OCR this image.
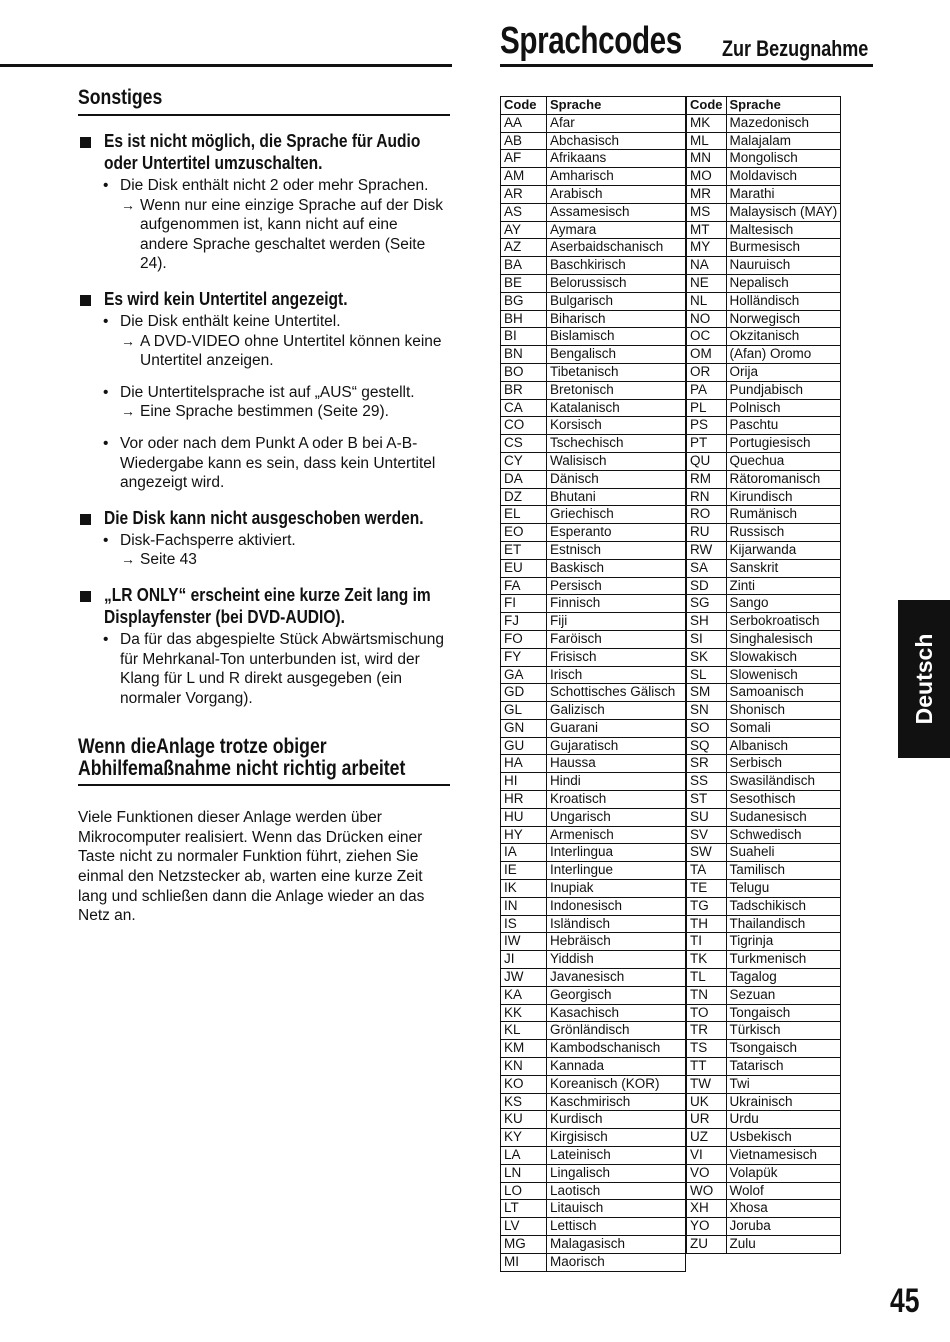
Sprachcodes Zur Bezugnahme
Sonstiges
Es ist nicht möglich, die Sprache für Audio oder Untertitel umzuschalten.
• Die Disk enthält nicht 2 oder mehr Sprachen.
→ Wenn nur eine einzige Sprache auf der Disk aufgenommen ist, kann nicht auf eine andere Sprache geschaltet werden (Seite 24).
Es wird kein Untertitel angezeigt.
• Die Disk enthält keine Untertitel.
→ A DVD-VIDEO ohne Untertitel können keine Untertitel anzeigen.
• Die Untertitelsprache ist auf „AUS“ gestellt.
→ Eine Sprache bestimmen (Seite 29).
• Vor oder nach dem Punkt A oder B bei A-B-Wiedergabe kann es sein, dass kein Untertitel angezeigt wird.
Die Disk kann nicht ausgeschoben werden.
• Disk-Fachsperre aktiviert.
→ Seite 43
„LR ONLY“ erscheint eine kurze Zeit lang im Displayfenster (bei DVD-AUDIO).
• Da für das abgespielte Stück Abwärtsmischung für Mehrkanal-Ton unterbunden ist, wird der Klang für L und R direkt ausgegeben (ein normaler Vorgang).
Wenn dieAnlage trotze obiger Abhilfemaßnahme nicht richtig arbeitet
Viele Funktionen dieser Anlage werden über Mikrocomputer realisiert. Wenn das Drücken einer Taste nicht zu normaler Funktion führt, ziehen Sie einmal den Netzstecker ab, warten eine kurze Zeit lang und schließen dann die Anlage wieder an das Netz an.
Code	Sprache
AA	Afar
AB	Abchasisch
AF	Afrikaans
AM	Amharisch
AR	Arabisch
AS	Assamesisch
AY	Aymara
AZ	Aserbaidschanisch
BA	Baschkirisch
BE	Belorussisch
BG	Bulgarisch
BH	Biharisch
BI	Bislamisch
BN	Bengalisch
BO	Tibetanisch
BR	Bretonisch
CA	Katalanisch
CO	Korsisch
CS	Tschechisch
CY	Walisisch
DA	Dänisch
DZ	Bhutani
EL	Griechisch
EO	Esperanto
ET	Estnisch
EU	Baskisch
FA	Persisch
FI	Finnisch
FJ	Fiji
FO	Faröisch
FY	Frisisch
GA	Irisch
GD	Schottisches Gälisch
GL	Galizisch
GN	Guarani
GU	Gujaratisch
HA	Haussa
HI	Hindi
HR	Kroatisch
HU	Ungarisch
HY	Armenisch
IA	Interlingua
IE	Interlingue
IK	Inupiak
IN	Indonesisch
IS	Isländisch
IW	Hebräisch
JI	Yiddish
JW	Javanesisch
KA	Georgisch
KK	Kasachisch
KL	Grönländisch
KM	Kambodschanisch
KN	Kannada
KO	Koreanisch (KOR)
KS	Kaschmirisch
KU	Kurdisch
KY	Kirgisisch
LA	Lateinisch
LN	Lingalisch
LO	Laotisch
LT	Litauisch
LV	Lettisch
MG	Malagasisch
MI	Maorisch
Code	Sprache
MK	Mazedonisch
ML	Malajalam
MN	Mongolisch
MO	Moldavisch
MR	Marathi
MS	Malaysisch (MAY)
MT	Maltesisch
MY	Burmesisch
NA	Nauruisch
NE	Nepalisch
NL	Holländisch
NO	Norwegisch
OC	Okzitanisch
OM	(Afan) Oromo
OR	Orija
PA	Pundjabisch
PL	Polnisch
PS	Paschtu
PT	Portugiesisch
QU	Quechua
RM	Rätoromanisch
RN	Kirundisch
RO	Rumänisch
RU	Russisch
RW	Kijarwanda
SA	Sanskrit
SD	Zinti
SG	Sango
SH	Serbokroatisch
SI	Singhalesisch
SK	Slowakisch
SL	Slowenisch
SM	Samoanisch
SN	Shonisch
SO	Somali
SQ	Albanisch
SR	Serbisch
SS	Swasiländisch
ST	Sesothisch
SU	Sudanesisch
SV	Schwedisch
SW	Suaheli
TA	Tamilisch
TE	Telugu
TG	Tadschikisch
TH	Thailandisch
TI	Tigrinja
TK	Turkmenisch
TL	Tagalog
TN	Sezuan
TO	Tongaisch
TR	Türkisch
TS	Tsongaisch
TT	Tatarisch
TW	Twi
UK	Ukrainisch
UR	Urdu
UZ	Usbekisch
VI	Vietnamesisch
VO	Volapük
WO	Wolof
XH	Xhosa
YO	Joruba
ZU	Zulu
Deutsch
45
